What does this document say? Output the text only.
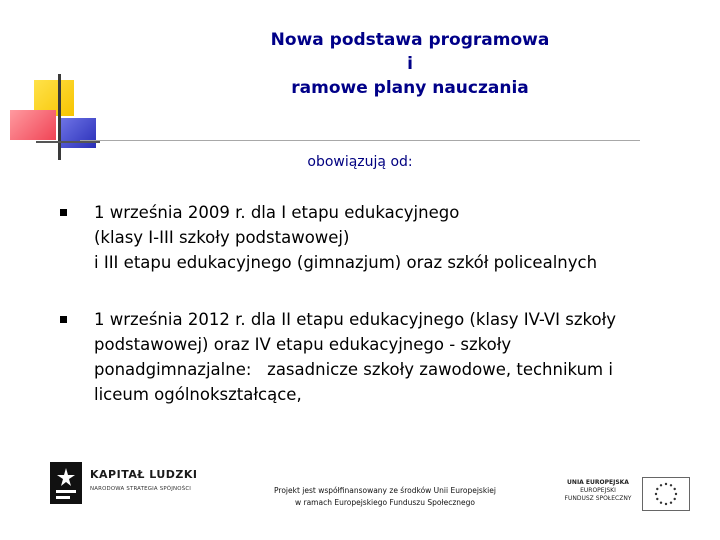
Nowa podstawa programowa
i
ramowe plany nauczania
obowiązują od:
1 września 2009 r. dla I etapu edukacyjnego
(klasy I-III szkoły podstawowej)
i III etapu edukacyjnego (gimnazjum) oraz szkół policealnych
1 września 2012 r. dla II etapu edukacyjnego (klasy IV-VI szkoły
podstawowej) oraz IV etapu edukacyjnego - szkoły
ponadgimnazjalne:   zasadnicze szkoły zawodowe, technikum i
liceum ogólnokształcące,
KAPITAŁ LUDZKI
NARODOWA STRATEGIA SPÓJNOŚCI	Projekt jest współfinansowany ze środków Unii Europejskiej
w ramach Europejskiego Funduszu Społecznego
UNIA EUROPEJSKA
EUROPEJSKI
FUNDUSZ SPOŁECZNY
